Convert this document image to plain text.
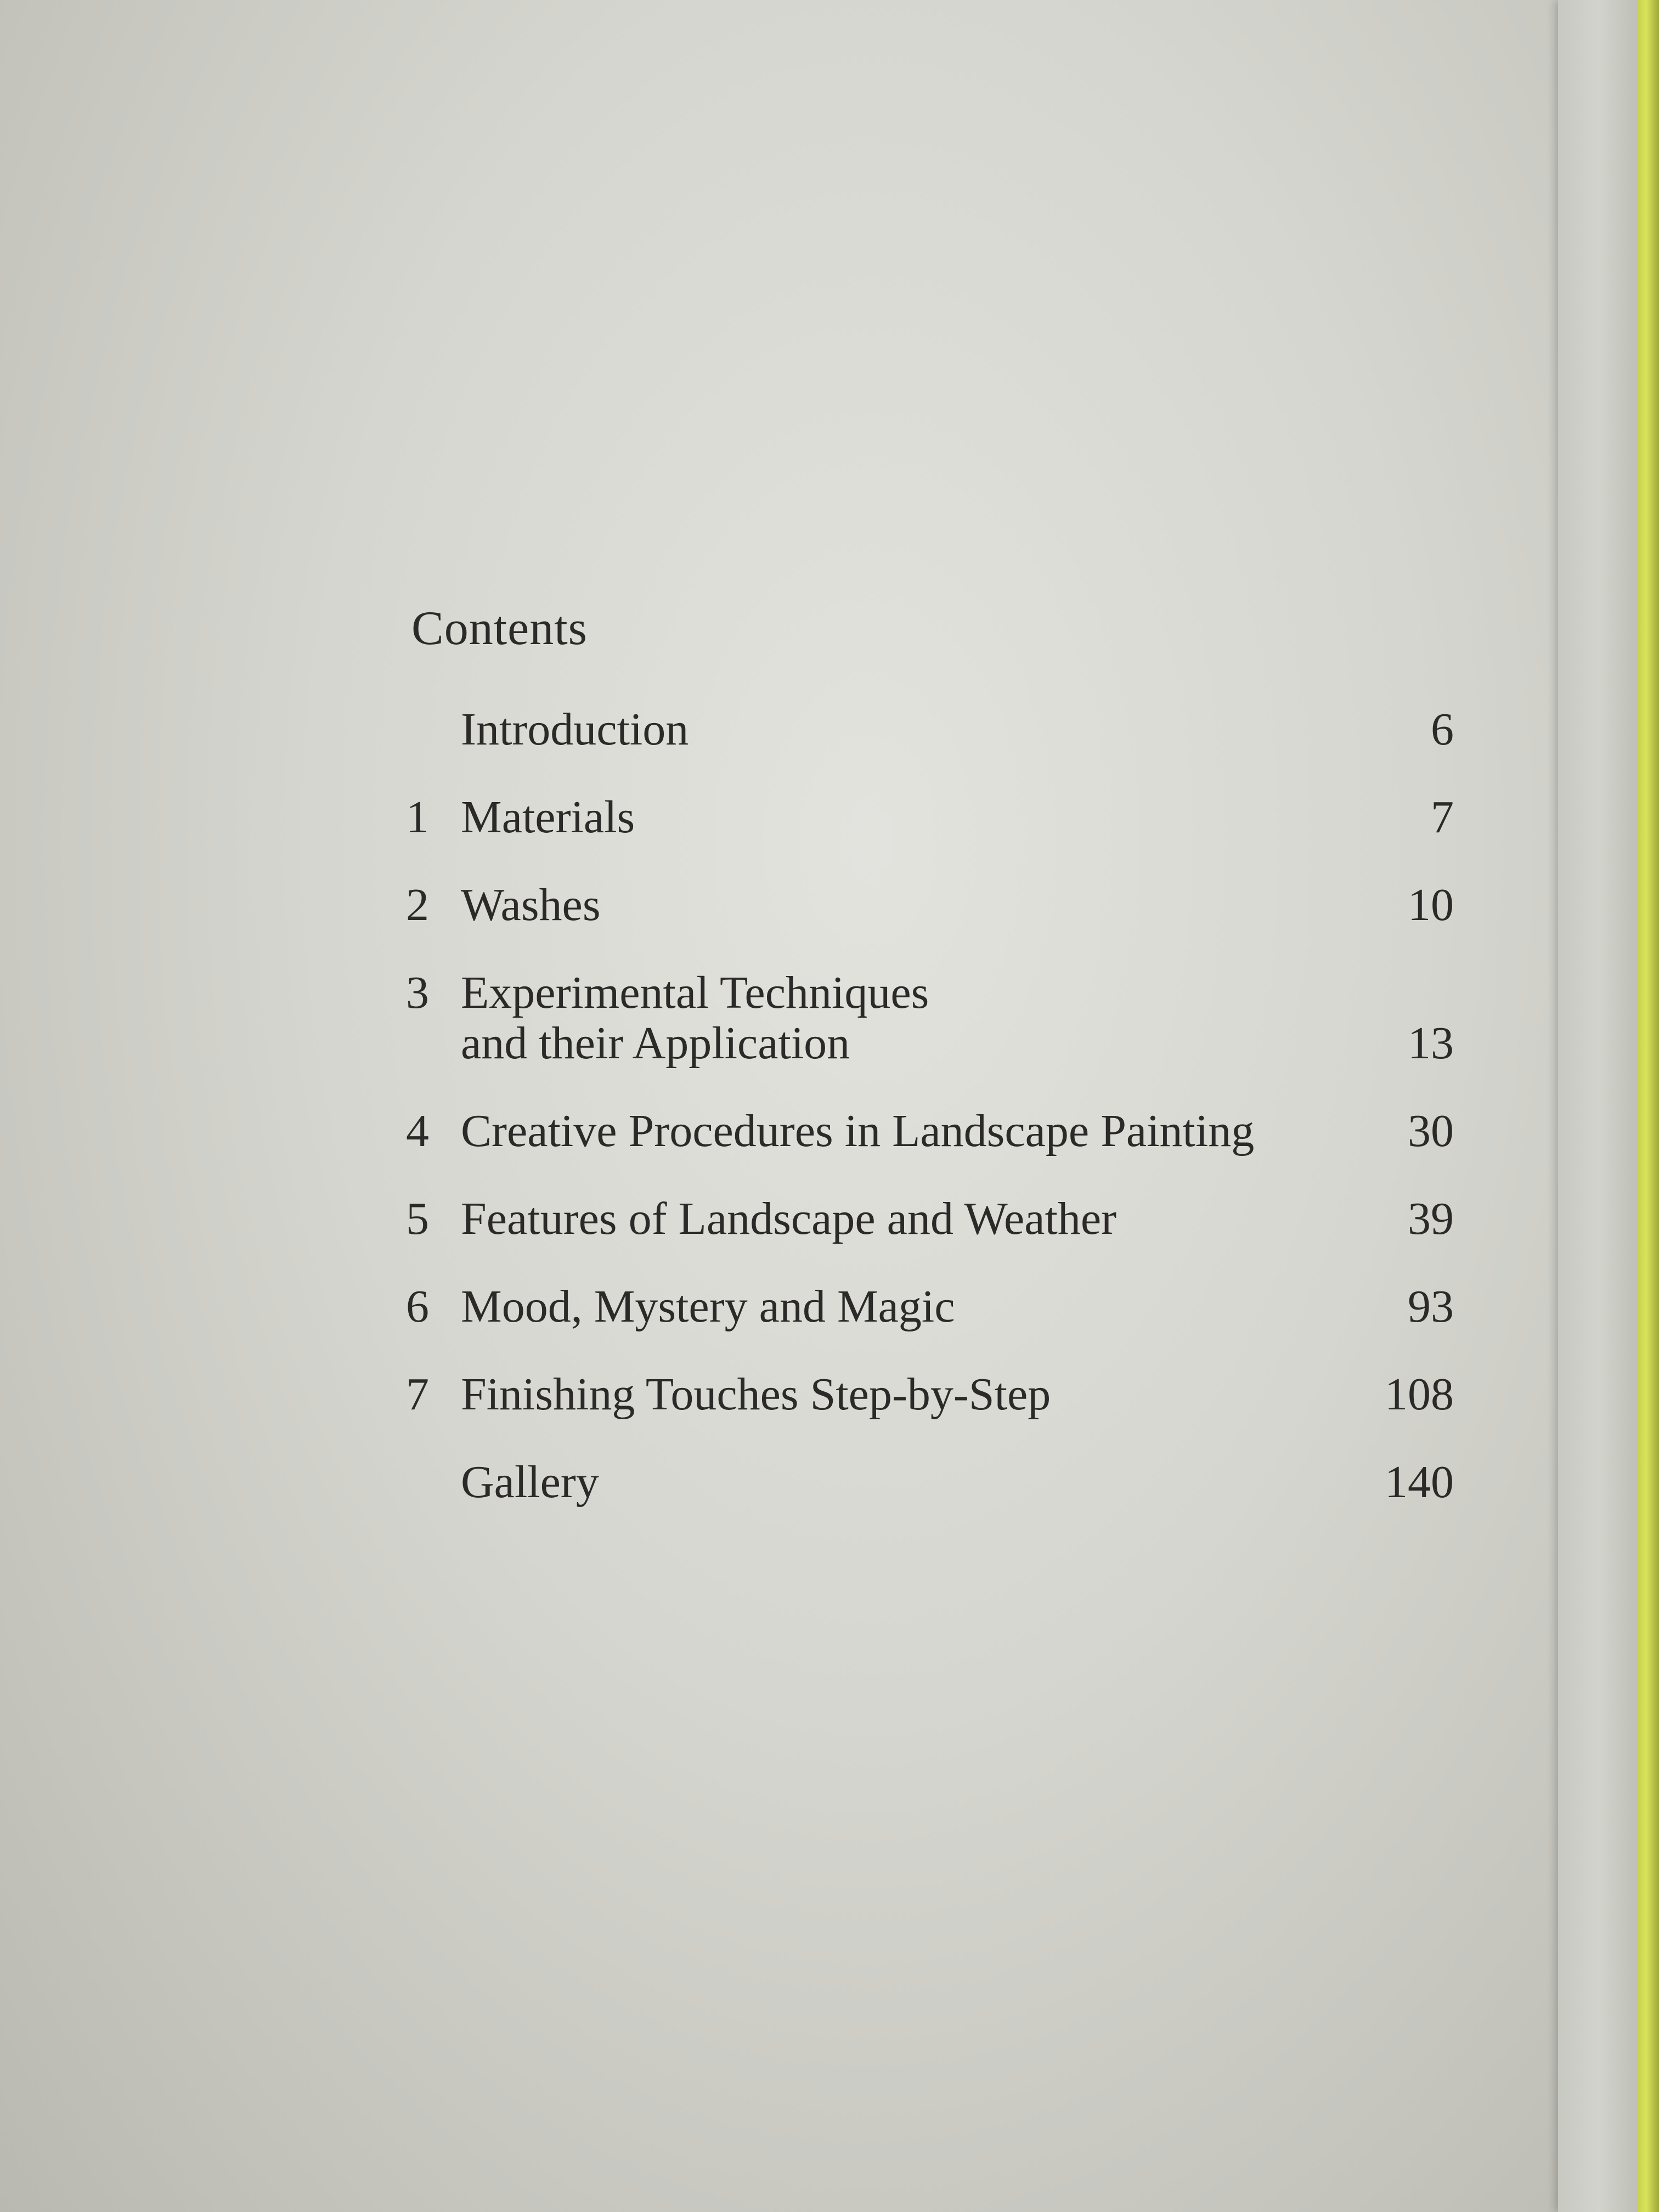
Contents
Introduction	6
1 Materials	7
2 Washes	10
3 Experimental Techniques
and their Application	13
4 Creative Procedures in Landscape Painting	30
5 Features of Landscape and Weather	39
6 Mood, Mystery and Magic	93
7 Finishing Touches Step-by-Step	108
Gallery	140
